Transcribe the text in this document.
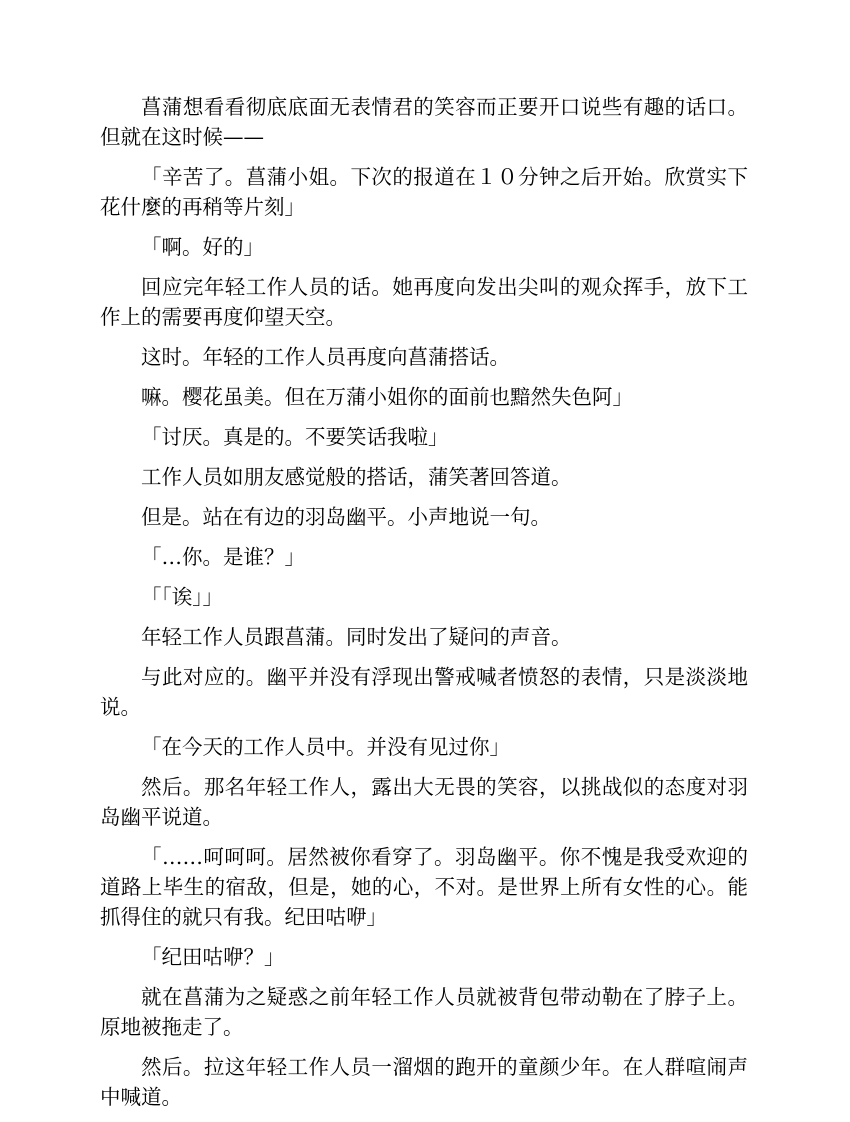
菖蒲想看看彻底底面无表情君的笑容而正要开口说些有趣的话口。但就在这时候——

「辛苦了。菖蒲小姐。下次的报道在１０分钟之后开始。欣赏实下花什麼的再稍等片刻」

「啊。好的」

回应完年轻工作人员的话。她再度向发出尖叫的观众挥手，放下工作上的需要再度仰望天空。

这时。年轻的工作人员再度向菖蒲搭话。

嘛。樱花虽美。但在万蒲小姐你的面前也黯然失色阿」

「讨厌。真是的。不要笑话我啦」

工作人员如朋友感觉般的搭话，蒲笑著回答道。

但是。站在有边的羽岛幽平。小声地说一句。

「…你。是谁？」

「「诶」」

年轻工作人员跟菖蒲。同时发出了疑问的声音。

与此对应的。幽平并没有浮现出警戒喊者愤怒的表情，只是淡淡地说。

「在今天的工作人员中。并没有见过你」

然后。那名年轻工作人，露出大无畏的笑容，以挑战似的态度对羽岛幽平说道。

「……呵呵呵。居然被你看穿了。羽岛幽平。你不愧是我受欢迎的道路上毕生的宿敌，但是，她的心，不对。是世界上所有女性的心。能抓得住的就只有我。纪田咕咿」

「纪田咕咿？」

就在菖蒲为之疑惑之前年轻工作人员就被背包带动勒在了脖子上。原地被拖走了。

然后。拉这年轻工作人员一溜烟的跑开的童颜少年。在人群喧闹声中喊道。
